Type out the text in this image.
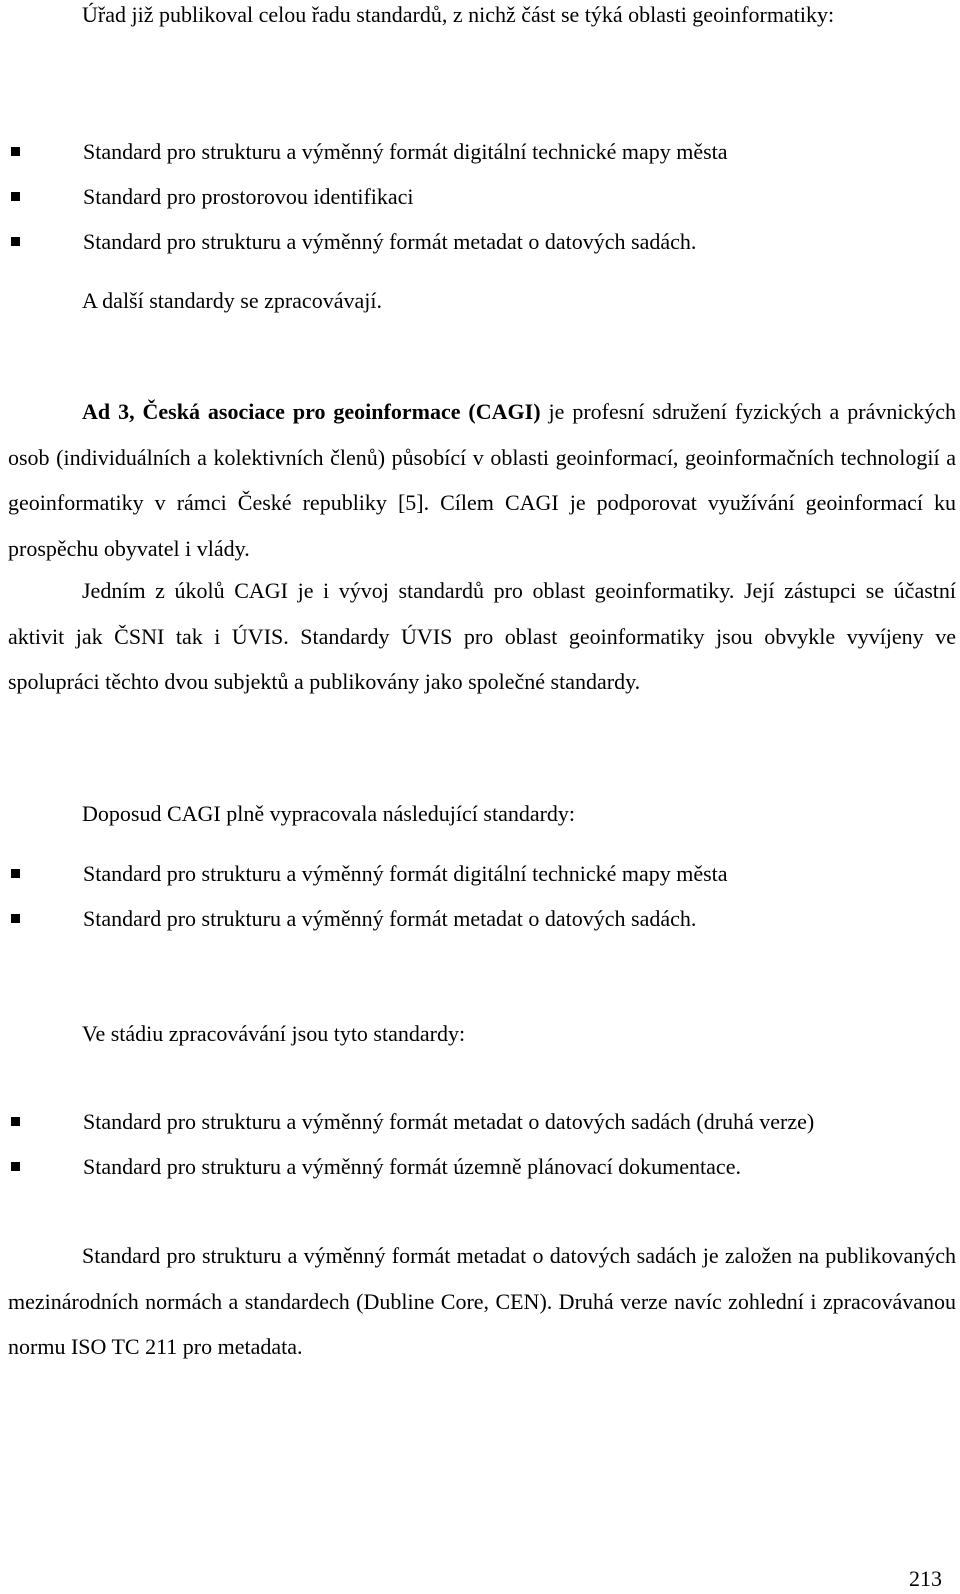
Úřad již publikoval celou řadu standardů, z nichž část se týká oblasti geoinformatiky:

Standard pro strukturu a výměnný formát digitální technické mapy města
Standard pro prostorovou identifikaci
Standard pro strukturu a výměnný formát metadat o datových sadách.
A další standardy se zpracovávají.

Ad 3, Česká asociace pro geoinformace (CAGI) je profesní sdružení fyzických a právnických osob (individuálních a kolektivních členů) působící v oblasti geoinformací, geoinformačních technologií a geoinformatiky v rámci České republiky [5]. Cílem CAGI je podporovat využívání geoinformací ku prospěchu obyvatel i vlády.

Jedním z úkolů CAGI je i vývoj standardů pro oblast geoinformatiky. Její zástupci se účastní aktivit jak ČSNI tak i ÚVIS. Standardy ÚVIS pro oblast geoinformatiky jsou obvykle vyvíjeny ve spolupráci těchto dvou subjektů a publikovány jako společné standardy.

Doposud CAGI plně vypracovala následující standardy:
Standard pro strukturu a výměnný formát digitální technické mapy města
Standard pro strukturu a výměnný formát metadat o datových sadách.
Ve stádiu zpracovávání jsou tyto standardy:
Standard pro strukturu a výměnný formát metadat o datových sadách (druhá verze)
Standard pro strukturu a výměnný formát územně plánovací dokumentace.

Standard pro strukturu a výměnný formát metadat o datových sadách je založen na publikovaných mezinárodních normách a standardech (Dubline Core, CEN). Druhá verze navíc zohlední i zpracovávanou normu ISO TC 211 pro metadata.

213
